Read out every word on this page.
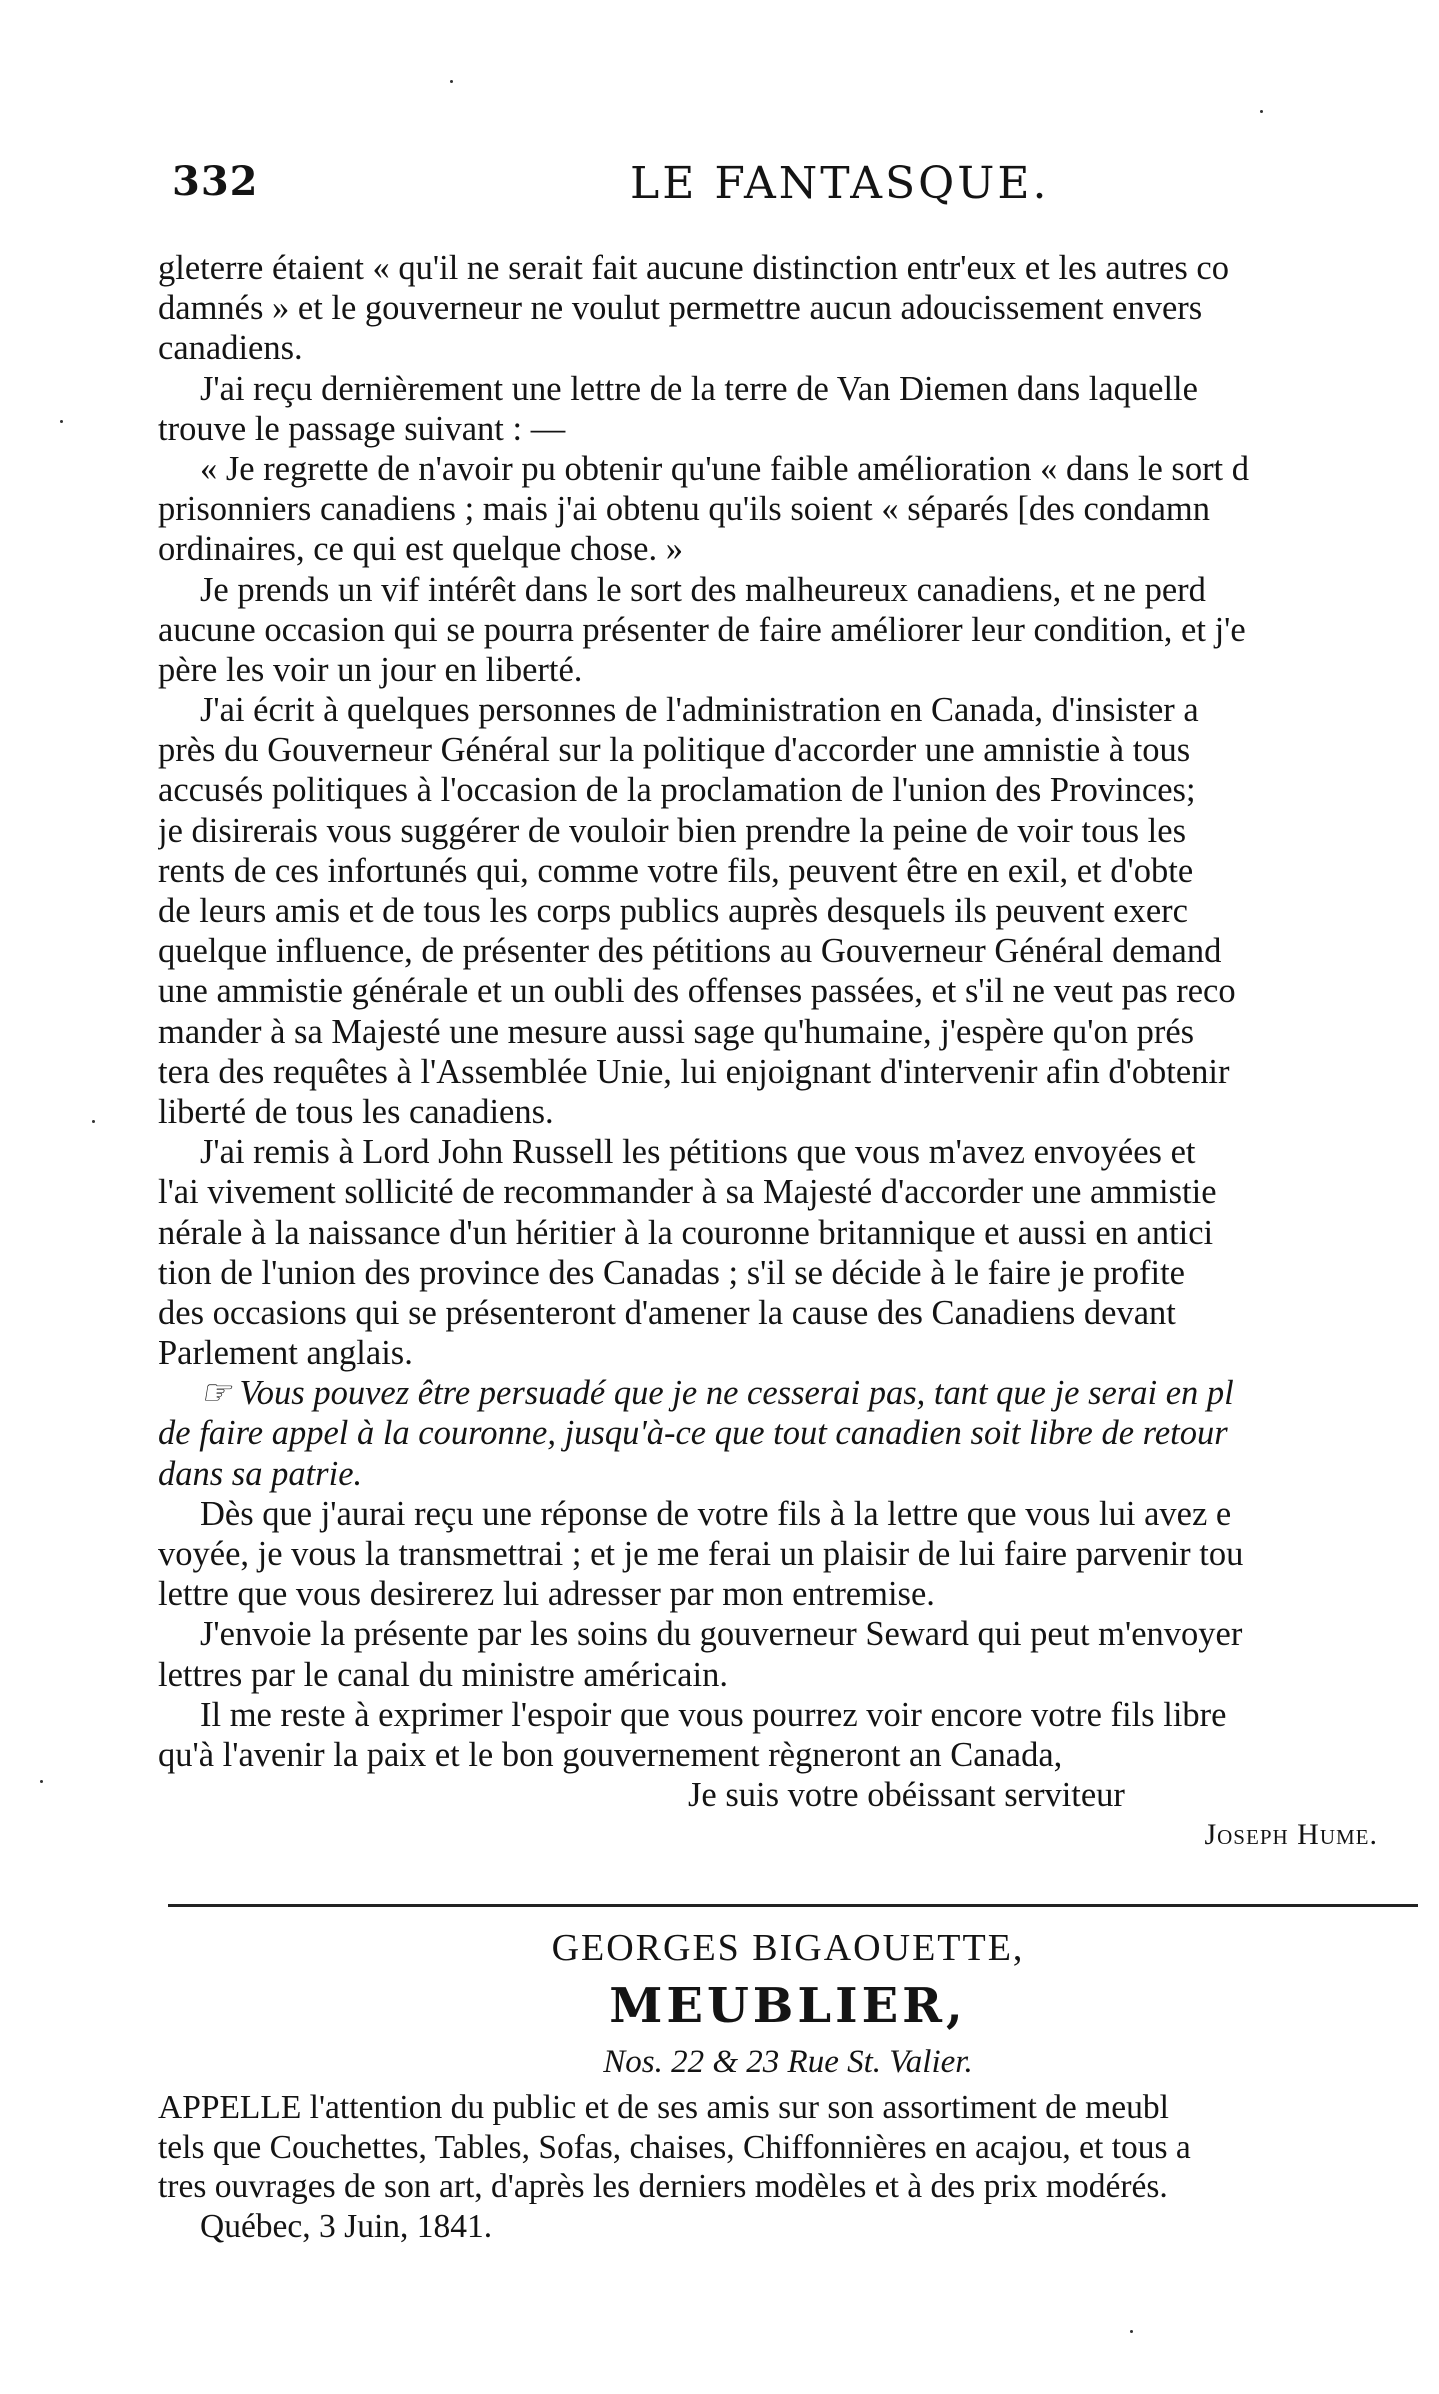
332	LE FANTASQUE.
gleterre étaient « qu'il ne serait fait aucune distinction entr'eux et les autres co
damnés » et le gouverneur ne voulut permettre aucun adoucissement envers
canadiens.
J'ai reçu dernièrement une lettre de la terre de Van Diemen dans laquelle
trouve le passage suivant : —
« Je regrette de n'avoir pu obtenir qu'une faible amélioration « dans le sort d
prisonniers canadiens ; mais j'ai obtenu qu'ils soient « séparés [des condamn
ordinaires, ce qui est quelque chose. »
Je prends un vif intérêt dans le sort des malheureux canadiens, et ne perd
aucune occasion qui se pourra présenter de faire améliorer leur condition, et j'e
père les voir un jour en liberté.
J'ai écrit à quelques personnes de l'administration en Canada, d'insister a
près du Gouverneur Général sur la politique d'accorder une amnistie à tous
accusés politiques à l'occasion de la proclamation de l'union des Provinces;
je disirerais vous suggérer de vouloir bien prendre la peine de voir tous les
rents de ces infortunés qui, comme votre fils, peuvent être en exil, et d'obte
de leurs amis et de tous les corps publics auprès desquels ils peuvent exerc
quelque influence, de présenter des pétitions au Gouverneur Général demand
une ammistie générale et un oubli des offenses passées, et s'il ne veut pas reco
mander à sa Majesté une mesure aussi sage qu'humaine, j'espère qu'on prés
tera des requêtes à l'Assemblée Unie, lui enjoignant d'intervenir afin d'obtenir
liberté de tous les canadiens.
J'ai remis à Lord John Russell les pétitions que vous m'avez envoyées et
l'ai vivement sollicité de recommander à sa Majesté d'accorder une ammistie
nérale à la naissance d'un héritier à la couronne britannique et aussi en antici
tion de l'union des province des Canadas ; s'il se décide à le faire je profite
des occasions qui se présenteront d'amener la cause des Canadiens devant
Parlement anglais.
☞ Vous pouvez être persuadé que je ne cesserai pas, tant que je serai en pl
de faire appel à la couronne, jusqu'à-ce que tout canadien soit libre de retour
dans sa patrie.
Dès que j'aurai reçu une réponse de votre fils à la lettre que vous lui avez e
voyée, je vous la transmettrai ; et je me ferai un plaisir de lui faire parvenir tou
lettre que vous desirerez lui adresser par mon entremise.
J'envoie la présente par les soins du gouverneur Seward qui peut m'envoyer
lettres par le canal du ministre américain.
Il me reste à exprimer l'espoir que vous pourrez voir encore votre fils libre
qu'à l'avenir la paix et le bon gouvernement règneront an Canada,
Je suis votre obéissant serviteur
Joseph Hume.
GEORGES BIGAOUETTE,
MEUBLIER,
Nos. 22 & 23 Rue St. Valier.
APPELLE l'attention du public et de ses amis sur son assortiment de meubl
tels que Couchettes, Tables, Sofas, chaises, Chiffonnières en acajou, et tous a
tres ouvrages de son art, d'après les derniers modèles et à des prix modérés.
Québec, 3 Juin, 1841.
